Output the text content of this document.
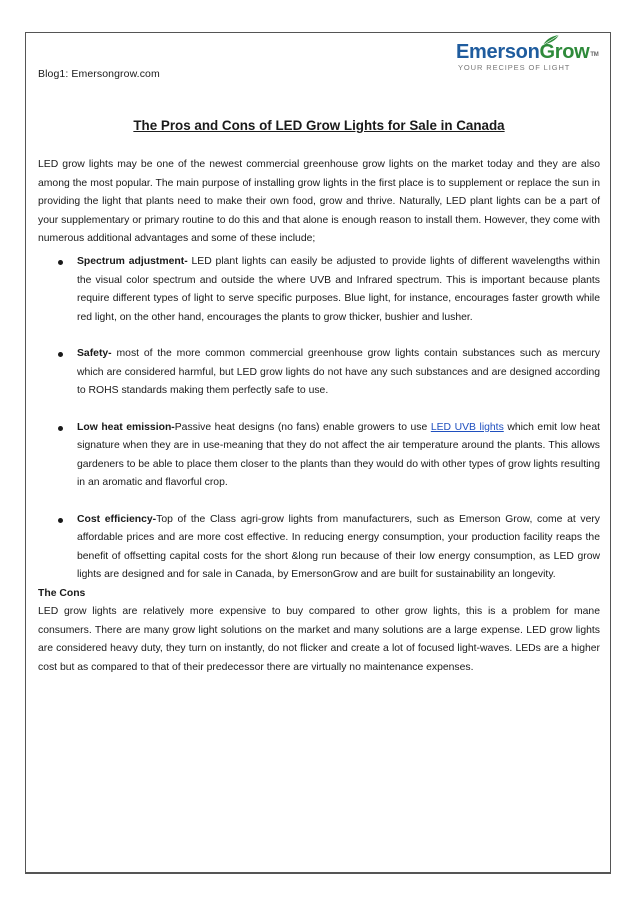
Blog1: Emersongrow.com
EmersonGrow™
YOUR RECIPES OF LIGHT
The Pros and Cons of LED Grow Lights for Sale in Canada
LED grow lights may be one of the newest commercial greenhouse grow lights on the market today and they are also among the most popular. The main purpose of installing grow lights in the first place is to supplement or replace the sun in providing the light that plants need to make their own food, grow and thrive. Naturally, LED plant lights can be a part of your supplementary or primary routine to do this and that alone is enough reason to install them. However, they come with numerous additional advantages and some of these include;
Spectrum adjustment- LED plant lights can easily be adjusted to provide lights of different wavelengths within the visual color spectrum and outside the where UVB and Infrared spectrum. This is important because plants require different types of light to serve specific purposes. Blue light, for instance, encourages faster growth while red light, on the other hand, encourages the plants to grow thicker, bushier and lusher.
Safety- most of the more common commercial greenhouse grow lights contain substances such as mercury which are considered harmful, but LED grow lights do not have any such substances and are designed according to ROHS standards making them perfectly safe to use.
Low heat emission-Passive heat designs (no fans) enable growers to use LED UVB lights which emit low heat signature when they are in use-meaning that they do not affect the air temperature around the plants. This allows gardeners to be able to place them closer to the plants than they would do with other types of grow lights resulting in an aromatic and flavorful crop.
Cost efficiency-Top of the Class agri-grow lights from manufacturers, such as Emerson Grow, come at very affordable prices and are more cost effective. In reducing energy consumption, your production facility reaps the benefit of offsetting capital costs for the short &long run because of their low energy consumption, as LED grow lights are designed and for sale in Canada, by EmersonGrow and are built for sustainability an longevity.
The Cons
LED grow lights are relatively more expensive to buy compared to other grow lights, this is a problem for mane consumers. There are many grow light solutions on the market and many solutions are a large expense. LED grow lights are considered heavy duty, they turn on instantly, do not flicker and create a lot of focused light-waves. LEDs are a higher cost but as compared to that of their predecessor there are virtually no maintenance expenses.
